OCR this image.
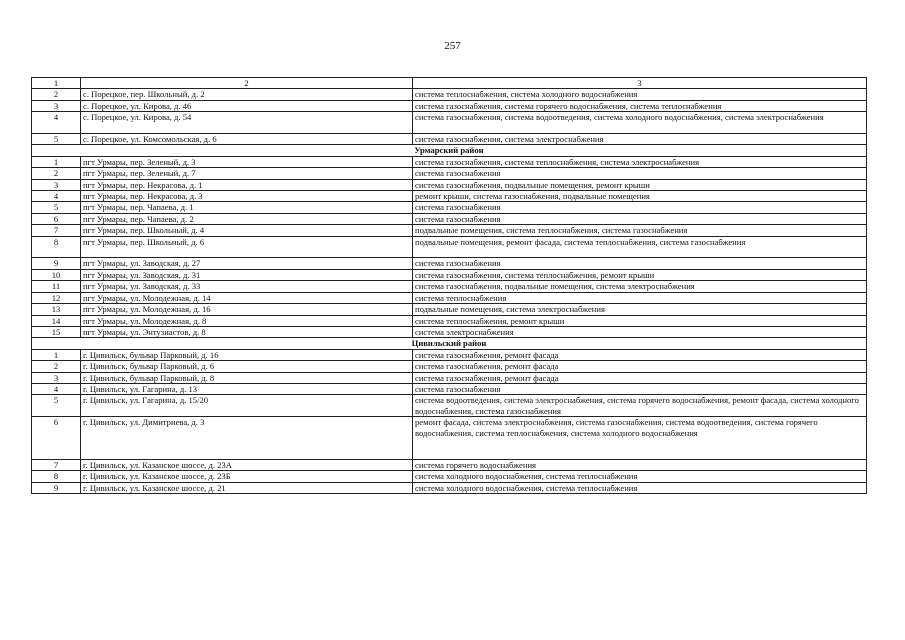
257
1	2	3
2	с. Порецкое, пер. Школьный, д. 2	система теплоснабжения, система холодного водоснабжения
3	с. Порецкое, ул. Кирова, д. 46	система газоснабжения, система горячего водоснабжения, система теплоснабжения
4	с. Порецкое, ул. Кирова, д. 54	система газоснабжения, система водоотведения, система холодного водоснабжения, система электроснабжения
5	с. Порецкое, ул. Комсомольская, д. 6	система газоснабжения, система электроснабжения
Урмарский район		
1	пгт Урмары, пер. Зеленый, д. 3	система газоснабжения, система теплоснабжения, система электроснабжения
2	пгт Урмары, пер. Зеленый, д. 7	система газоснабжения
3	пгт Урмары, пер. Некрасова, д. 1	система газоснабжения, подвальные помещения, ремонт крыши
4	пгт Урмары, пер. Некрасова, д. 3	ремонт крыши, система газоснабжения, подвальные помещения
5	пгт Урмары, пер. Чапаева, д. 1	система газоснабжения
6	пгт Урмары, пер. Чапаева, д. 2	система газоснабжения
7	пгт Урмары, пер. Школьный, д. 4	подвальные помещения, система теплоснабжения, система газоснабжения
8	пгт Урмары, пер. Школьный, д. 6	подвальные помещения, ремонт фасада, система теплоснабжения, система газоснабжения
9	пгт Урмары, ул. Заводская, д. 27	система газоснабжения
10	пгт Урмары, ул. Заводская, д. 31	система газоснабжения, система теплоснабжения, ремонт крыши
11	пгт Урмары, ул. Заводская, д. 33	система газоснабжения, подвальные помещения, система электроснабжения
12	пгт Урмары, ул. Молодежная, д. 14	система теплоснабжения
13	пгт Урмары, ул. Молодежная, д. 16	подвальные помещения, система электроснабжения
14	пгт Урмары, ул. Молодежная, д. 8	система теплоснабжения, ремонт крыши
15	пгт Урмары, ул. Энтузиастов, д. 8	система электроснабжения
Цивильский район		
1	г. Цивильск, бульвар Парковый, д. 16	система газоснабжения, ремонт фасада
2	г. Цивильск, бульвар Парковый, д. 6	система газоснабжения, ремонт фасада
3	г. Цивильск, бульвар Парковый, д. 8	система газоснабжения, ремонт фасада
4	г. Цивильск, ул. Гагарина, д. 13	система газоснабжения
5	г. Цивильск, ул. Гагарина, д. 15/20	система водоотведения, система электроснабжения, система горячего водоснабжения, ремонт фасада, система холодного водоснабжения, система газоснабжения
6	г. Цивильск, ул. Димитриева, д. 3	ремонт фасада, система электроснабжения, система газоснабжения, система водоотведения, система горячего водоснабжения, система теплоснабжения, система холодного водоснабжения
7	г. Цивильск, ул. Казанское шоссе, д. 23А	система горячего водоснабжения
8	г. Цивильск, ул. Казанское шоссе, д. 23Б	система холодного водоснабжения, система теплоснабжения
9	г. Цивильск, ул. Казанское шоссе, д. 21	система холодного водоснабжения, система теплоснабжения
